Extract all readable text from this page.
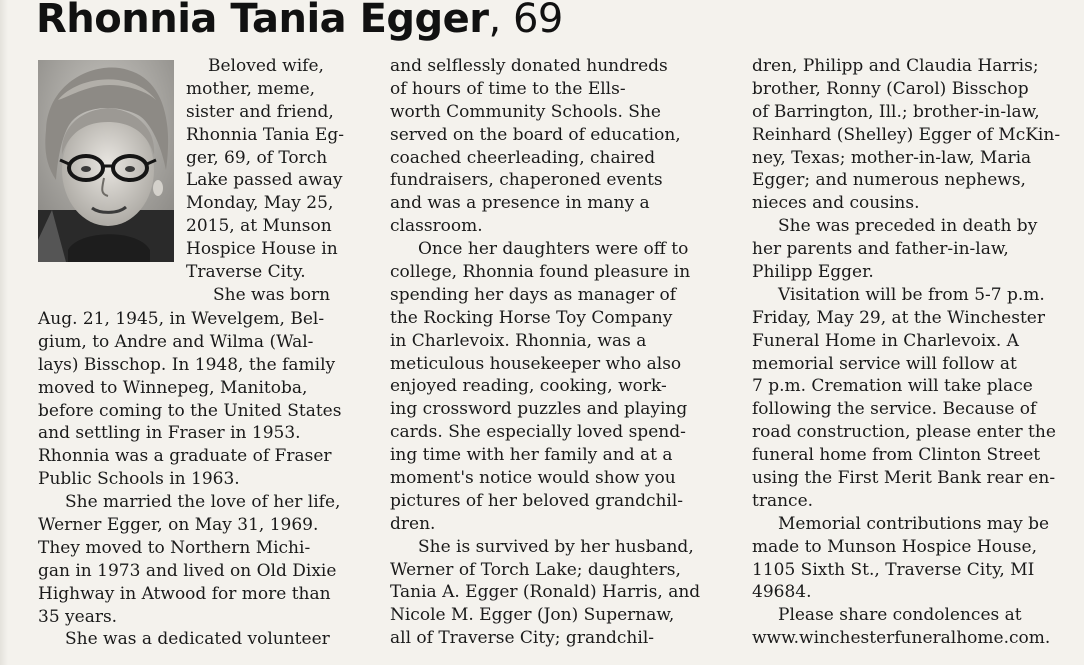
Rhonnia Tania Egger, 69
Beloved wife,
mother, meme,
sister and friend,
Rhonnia Tania Eg-
ger, 69, of Torch
Lake passed away
Monday, May 25,
2015, at Munson
Hospice House in
Traverse City.
She was born
Aug. 21, 1945, in Wevelgem, Bel-
gium, to Andre and Wilma (Wal-
lays) Bisschop. In 1948, the family
moved to Winnepeg, Manitoba,
before coming to the United States
and settling in Fraser in 1953.
Rhonnia was a graduate of Fraser
Public Schools in 1963.
She married the love of her life,
Werner Egger, on May 31, 1969.
They moved to Northern Michi-
gan in 1973 and lived on Old Dixie
Highway in Atwood for more than
35 years.
She was a dedicated volunteer
and selflessly donated hundreds
of hours of time to the Ells-
worth Community Schools. She
served on the board of education,
coached cheerleading, chaired
fundraisers, chaperoned events
and was a presence in many a
classroom.
Once her daughters were off to
college, Rhonnia found pleasure in
spending her days as manager of
the Rocking Horse Toy Company
in Charlevoix. Rhonnia, was a
meticulous housekeeper who also
enjoyed reading, cooking, work-
ing crossword puzzles and playing
cards. She especially loved spend-
ing time with her family and at a
moment's notice would show you
pictures of her beloved grandchil-
dren.
She is survived by her husband,
Werner of Torch Lake; daughters,
Tania A. Egger (Ronald) Harris, and
Nicole M. Egger (Jon) Supernaw,
all of Traverse City; grandchil-
dren, Philipp and Claudia Harris;
brother, Ronny (Carol) Bisschop
of Barrington, Ill.; brother-in-law,
Reinhard (Shelley) Egger of McKin-
ney, Texas; mother-in-law, Maria
Egger; and numerous nephews,
nieces and cousins.
She was preceded in death by
her parents and father-in-law,
Philipp Egger.
Visitation will be from 5-7 p.m.
Friday, May 29, at the Winchester
Funeral Home in Charlevoix. A
memorial service will follow at
7 p.m. Cremation will take place
following the service. Because of
road construction, please enter the
funeral home from Clinton Street
using the First Merit Bank rear en-
trance.
Memorial contributions may be
made to Munson Hospice House,
1105 Sixth St., Traverse City, MI
49684.
Please share condolences at
www.winchesterfuneralhome.com.
